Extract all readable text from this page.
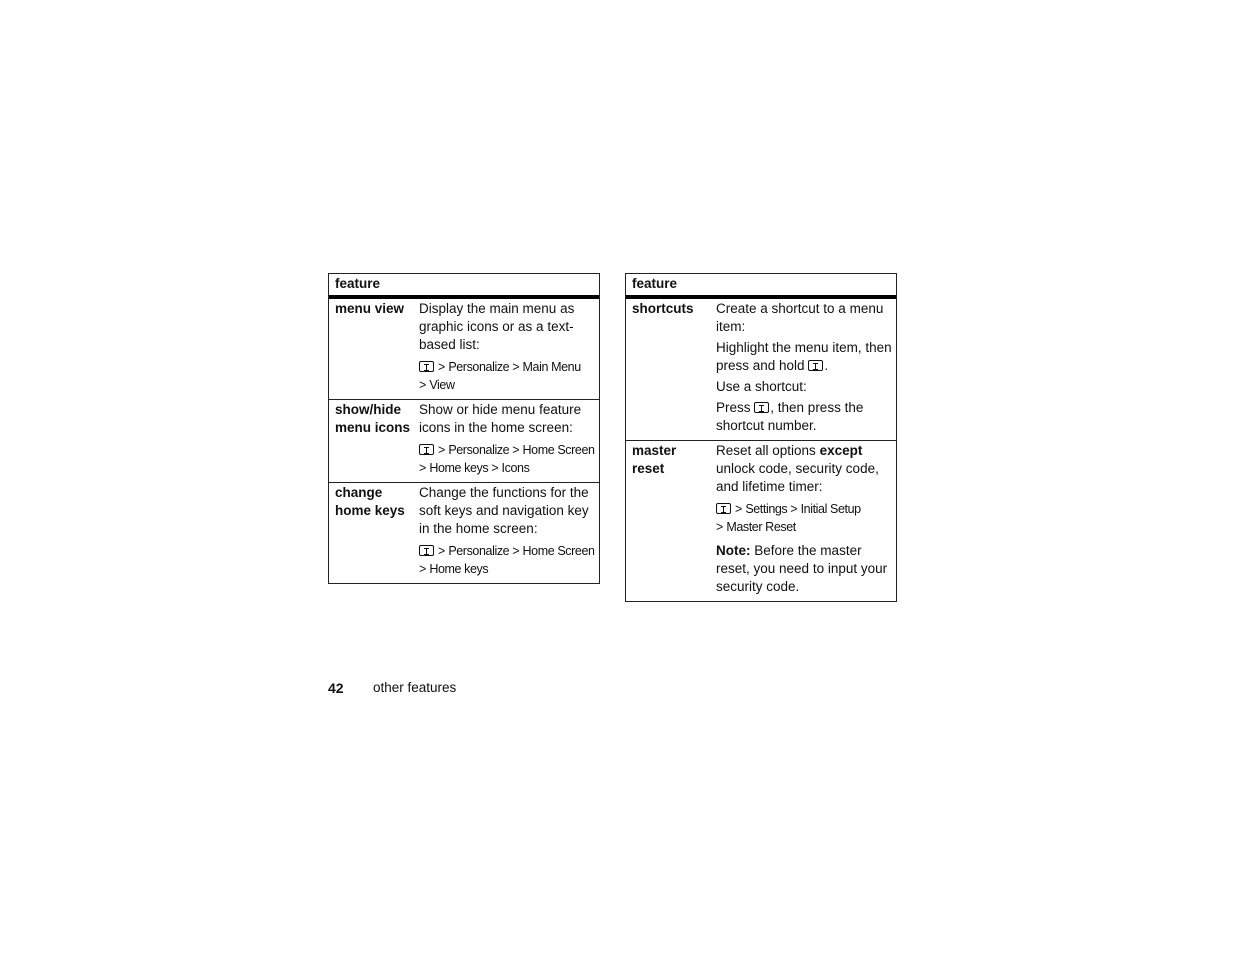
feature
menu view	Display the main menu as graphic icons or as a text-based list:

> Personalize > Main Menu
> View
show/hide menu icons

Show or hide menu feature icons in the home screen:

> Personalize > Home Screen
> Home keys > Icons
change home keys

Change the functions for the soft keys and navigation key in the home screen:

> Personalize > Home Screen
> Home keys
feature
shortcuts	Create a shortcut to a menu item:

Highlight the menu item, then press and hold .

Use a shortcut:

Press , then press the shortcut number.

master reset

Reset all options except unlock code, security code, and lifetime timer:

> Settings > Initial Setup
> Master Reset

Note: Before the master reset, you need to input your security code.

42 other features
